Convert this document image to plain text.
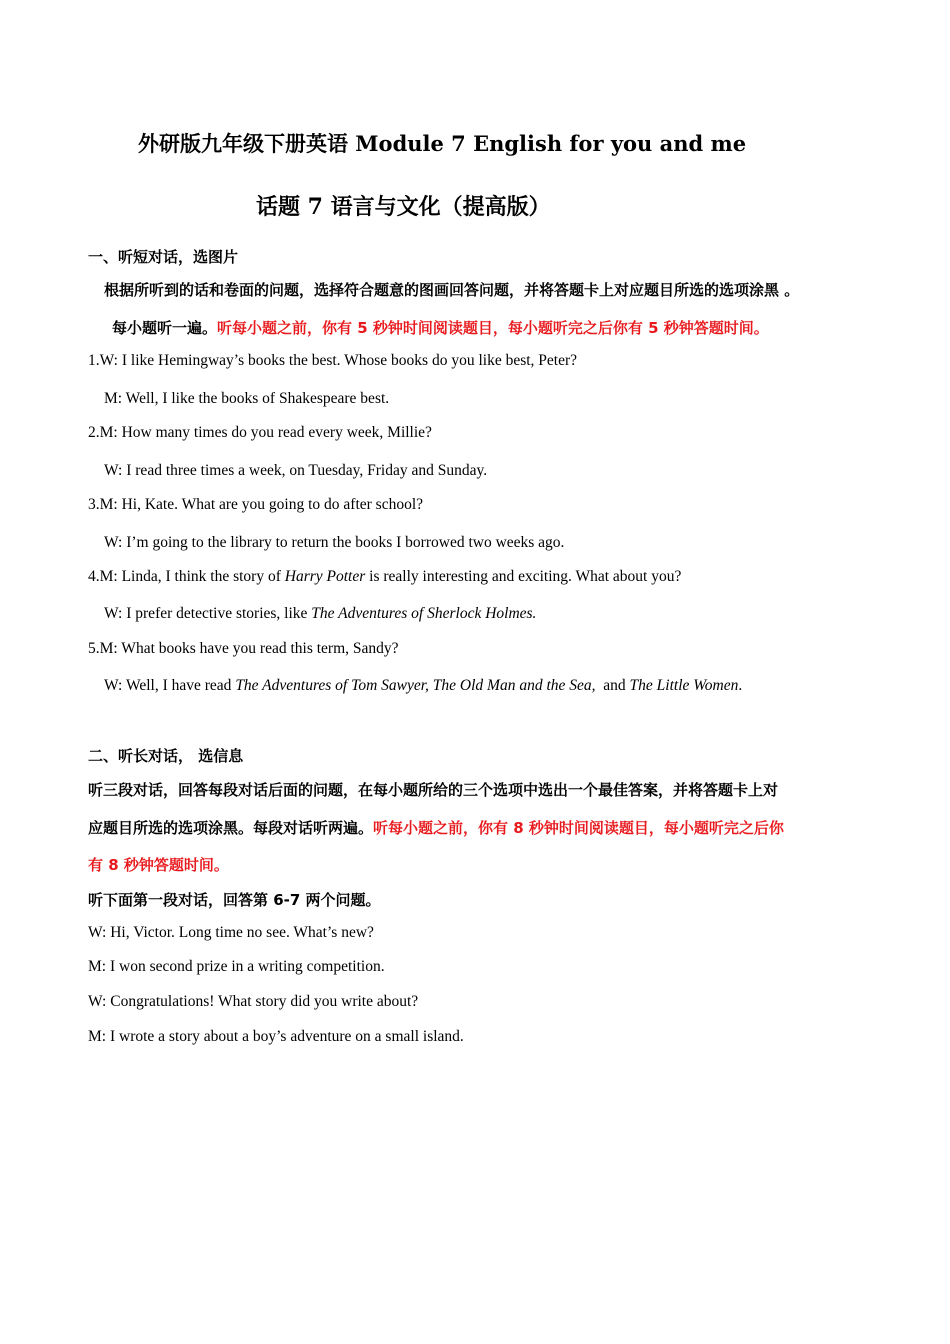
外研版九年级下册英语 Module 7 English for you and me
话题 7 语言与文化（提高版）
一、听短对话，选图片
根据所听到的话和卷面的问题，选择符合题意的图画回答问题，并将答题卡上对应题目所选的选项涂黑 。
每小题听一遍。听每小题之前，你有 5 秒钟时间阅读题目，每小题听完之后你有 5 秒钟答题时间。
1.W: I like Hemingway’s books the best. Whose books do you like best, Peter?
M: Well, I like the books of Shakespeare best.
2.M: How many times do you read every week, Millie?
W: I read three times a week, on Tuesday, Friday and Sunday.
3.M: Hi, Kate. What are you going to do after school?
W: I’m going to the library to return the books I borrowed two weeks ago.
4.M: Linda, I think the story of Harry Potter is really interesting and exciting. What about you?
W: I prefer detective stories, like The Adventures of Sherlock Holmes.
5.M: What books have you read this term, Sandy?
W: Well, I have read The Adventures of Tom Sawyer, The Old Man and the Sea,  and The Little Women.
二、听长对话， 选信息
听三段对话，回答每段对话后面的问题，在每小题所给的三个选项中选出一个最佳答案，并将答题卡上对
应题目所选的选项涂黑。每段对话听两遍。听每小题之前，你有 8 秒钟时间阅读题目，每小题听完之后你
有 8 秒钟答题时间。
听下面第一段对话，回答第 6-7 两个问题。
W: Hi, Victor. Long time no see. What’s new?
M: I won second prize in a writing competition.
W: Congratulations! What story did you write about?
M: I wrote a story about a boy’s adventure on a small island.
